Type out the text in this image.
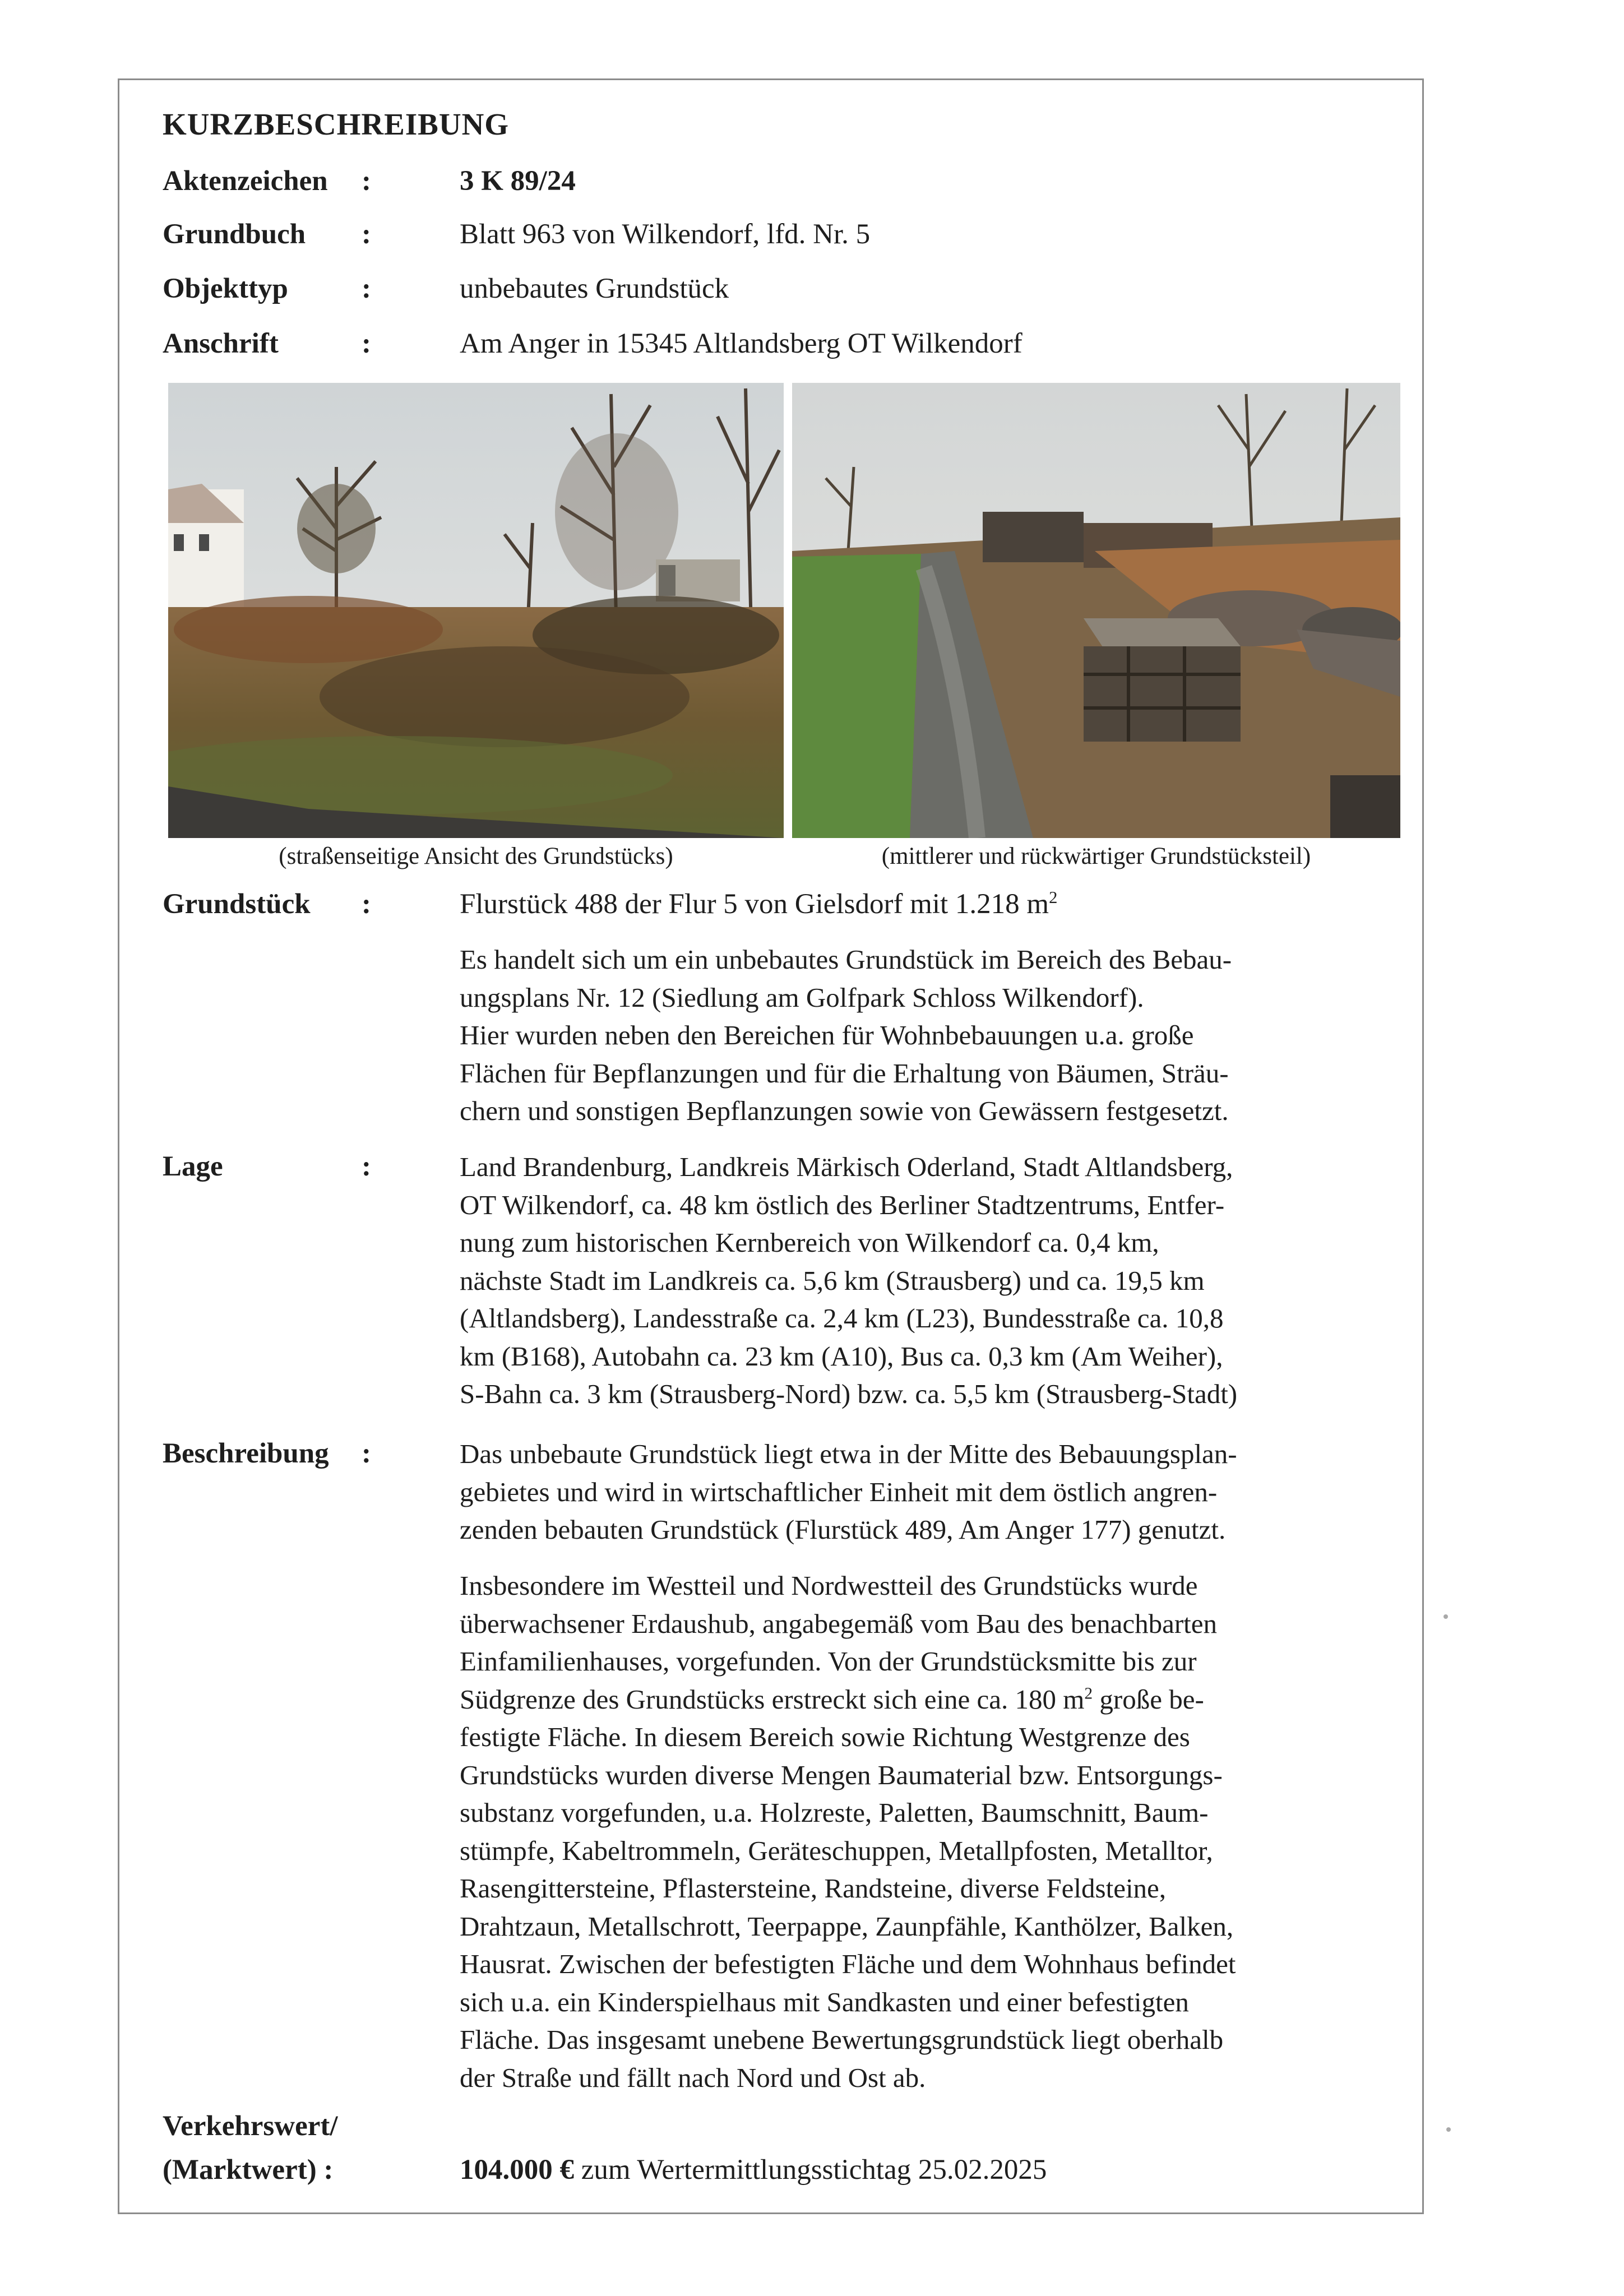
KURZBESCHREIBUNG
Aktenzeichen :	3 K 89/24
Grundbuch :	Blatt 963 von Wilkendorf, lfd. Nr. 5
Objekttyp	:	unbebautes Grundstück
Anschrift	:	Am Anger in 15345 Altlandsberg OT Wilkendorf
(straßenseitige Ansicht des Grundstücks)	(mittlerer und rückwärtiger Grundstücksteil)
Grundstück :	Flurstück 488 der Flur 5 von Gielsdorf mit 1.218 $m^2$
Es handelt sich um ein unbebautes Grundstück im Bereich des Bebau-
ungsplans Nr. 12 (Siedlung am Golfpark Schloss Wilkendorf).
Hier wurden neben den Bereichen für Wohnbebauungen u.a. große
Flächen für Bepflanzungen und für die Erhaltung von Bäumen, Sträu-
chern und sonstigen Bepflanzungen sowie von Gewässern festgesetzt.
Lage	:	Land Brandenburg, Landkreis Märkisch Oderland, Stadt Altlandsberg,
OT Wilkendorf, ca. 48 km östlich des Berliner Stadtzentrums, Entfer-
nung zum historischen Kernbereich von Wilkendorf ca. 0,4 km,
nächste Stadt im Landkreis ca. 5,6 km (Strausberg) und ca. 19,5 km
(Altlandsberg), Landesstraße ca. 2,4 km (L23), Bundesstraße ca. 10,8
km (B168), Autobahn ca. 23 km (A10), Bus ca. 0,3 km (Am Weiher),
S-Bahn ca. 3 km (Strausberg-Nord) bzw. ca. 5,5 km (Strausberg-Stadt)
Beschreibung :	Das unbebaute Grundstück liegt etwa in der Mitte des Bebauungsplan-
gebietes und wird in wirtschaftlicher Einheit mit dem östlich angren-
zenden bebauten Grundstück (Flurstück 489, Am Anger 177) genutzt.
Insbesondere im Westteil und Nordwestteil des Grundstücks wurde
überwachsener Erdaushub, angabegemäß vom Bau des benachbarten
Einfamilienhauses, vorgefunden. Von der Grundstücksmitte bis zur
Südgrenze des Grundstücks erstreckt sich eine ca. 180 $m^2$ große be-
festigte Fläche. In diesem Bereich sowie Richtung Westgrenze des
Grundstücks wurden diverse Mengen Baumaterial bzw. Entsorgungs-
substanz vorgefunden, u.a. Holzreste, Paletten, Baumschnitt, Baum-
stümpfe, Kabeltrommeln, Geräteschuppen, Metallpfosten, Metalltor,
Rasengittersteine, Pflastersteine, Randsteine, diverse Feldsteine,
Drahtzaun, Metallschrott, Teerpappe, Zaunpfähle, Kanthölzer, Balken,
Hausrat. Zwischen der befestigten Fläche und dem Wohnhaus befindet
sich u.a. ein Kinderspielhaus mit Sandkasten und einer befestigten
Fläche. Das insgesamt unebene Bewertungsgrundstück liegt oberhalb
der Straße und fällt nach Nord und Ost ab.
Verkehrswert/
(Marktwert) :	104.000 € zum Wertermittlungsstichtag 25.02.2025
